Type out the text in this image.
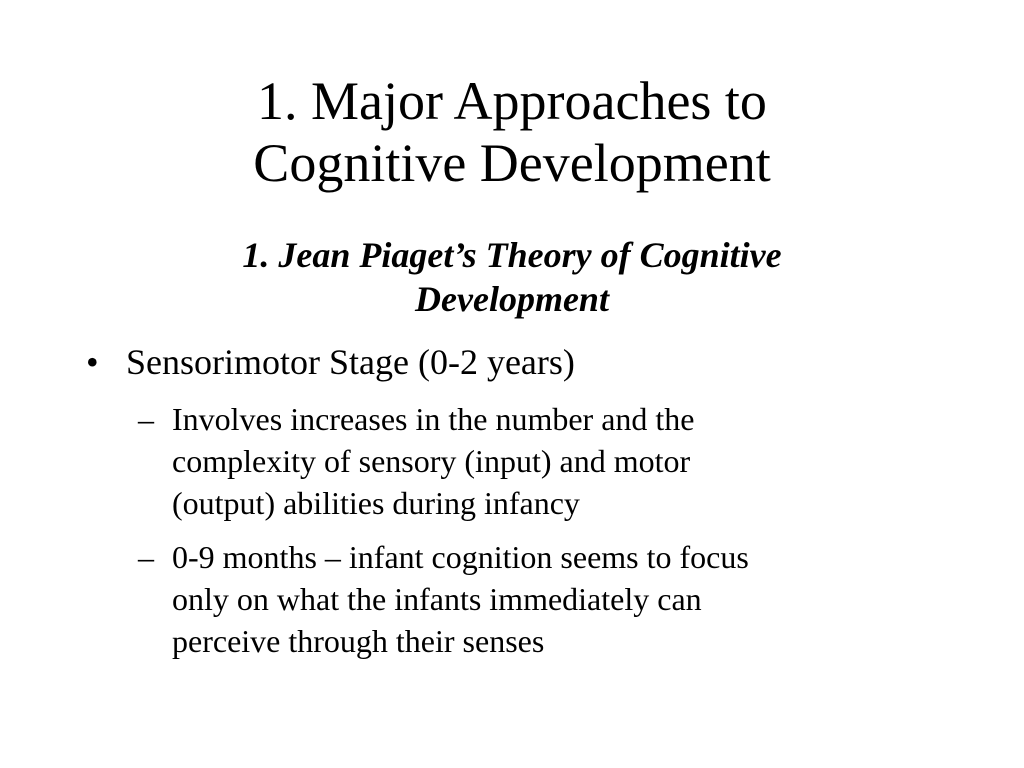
1. Major Approaches to
Cognitive Development
1. Jean Piaget’s Theory of Cognitive
Development
• Sensorimotor Stage (0-2 years)
– Involves increases in the number and the
complexity of sensory (input) and motor
(output) abilities during infancy
– 0-9 months – infant cognition seems to focus
only on what the infants immediately can
perceive through their senses
